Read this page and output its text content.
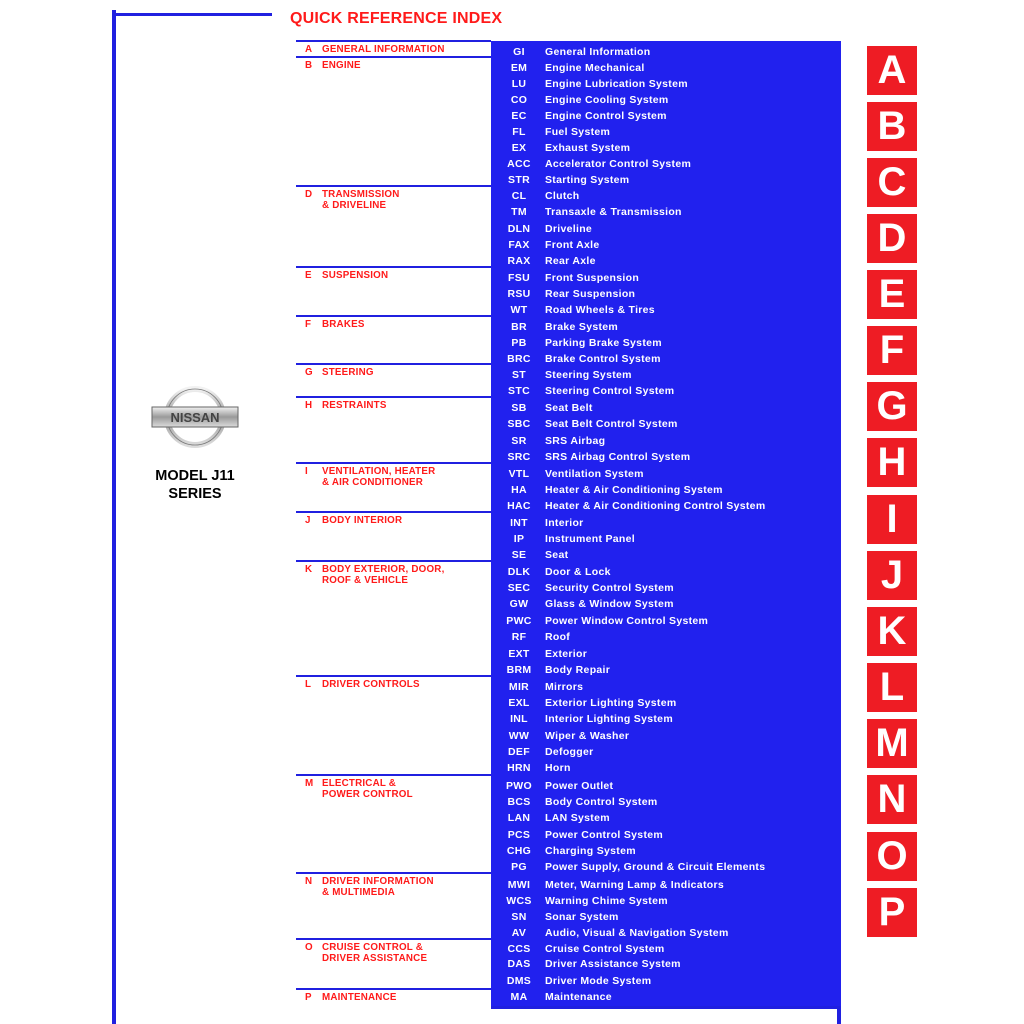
QUICK REFERENCE INDEX
NISSAN
MODEL J11
SERIES
GI	General Information
EM	Engine Mechanical
LU	Engine Lubrication System
CO	Engine Cooling System
EC	Engine Control System
FL	Fuel System
EX	Exhaust System
ACC	Accelerator Control System
STR	Starting System
CL	Clutch
TM	Transaxle & Transmission
DLN	Driveline
FAX	Front Axle
RAX	Rear Axle
FSU	Front Suspension
RSU	Rear Suspension
WT	Road Wheels & Tires
BR	Brake System
PB	Parking Brake System
BRC	Brake Control System
ST	Steering System
STC	Steering Control System
SB	Seat Belt
SBC	Seat Belt Control System
SR	SRS Airbag
SRC	SRS Airbag Control System
VTL	Ventilation System
HA	Heater & Air Conditioning System
HAC	Heater & Air Conditioning Control System
INT	Interior
IP	Instrument Panel
SE	Seat
DLK	Door & Lock
SEC	Security Control System
GW	Glass & Window System
PWC	Power Window Control System
RF	Roof
EXT	Exterior
BRM	Body Repair
MIR	Mirrors
EXL	Exterior Lighting System
INL	Interior Lighting System
WW	Wiper & Washer
DEF	Defogger
HRN	Horn
PWO	Power Outlet
BCS	Body Control System
LAN	LAN System
PCS	Power Control System
CHG	Charging System
PG	Power Supply, Ground & Circuit Elements
MWI	Meter, Warning Lamp & Indicators
WCS	Warning Chime System
SN	Sonar System
AV	Audio, Visual & Navigation System
CCS	Cruise Control System
DAS	Driver Assistance System
DMS	Driver Mode System
MA	Maintenance
A GENERAL INFORMATION
B ENGINE
D TRANSMISSION
& DRIVELINE
E SUSPENSION
F BRAKES
G STEERING
H RESTRAINTS
I VENTILATION, HEATER
& AIR CONDITIONER
J BODY INTERIOR
K BODY EXTERIOR, DOOR,
ROOF & VEHICLE
L DRIVER CONTROLS
M ELECTRICAL &
POWER CONTROL
N DRIVER INFORMATION
& MULTIMEDIA
O CRUISE CONTROL &
DRIVER ASSISTANCE
P MAINTENANCE
A
B
C
D
E
F
G
H
I
J
K
L
M
N
O
P
